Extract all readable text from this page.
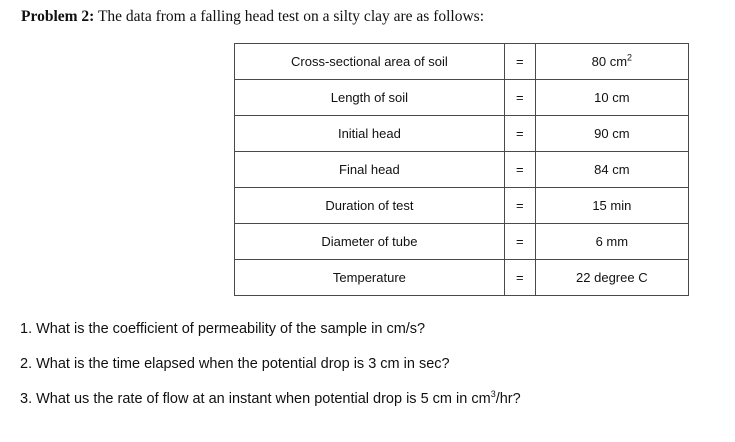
Problem 2: The data from a falling head test on a silty clay are as follows:
Cross-sectional area of soil	=	80 $cm^2$
Length of soil	=	10 cm
Initial head	=	90 cm
Final head	=	84 cm
Duration of test	=	15 min
Diameter of tube	=	6 mm
Temperature	=	22 degree C
1. What is the coefficient of permeability of the sample in cm/s?
2. What is the time elapsed when the potential drop is 3 cm in sec?
3. What us the rate of flow at an instant when potential drop is 5 cm in $cm^3/hr$?
